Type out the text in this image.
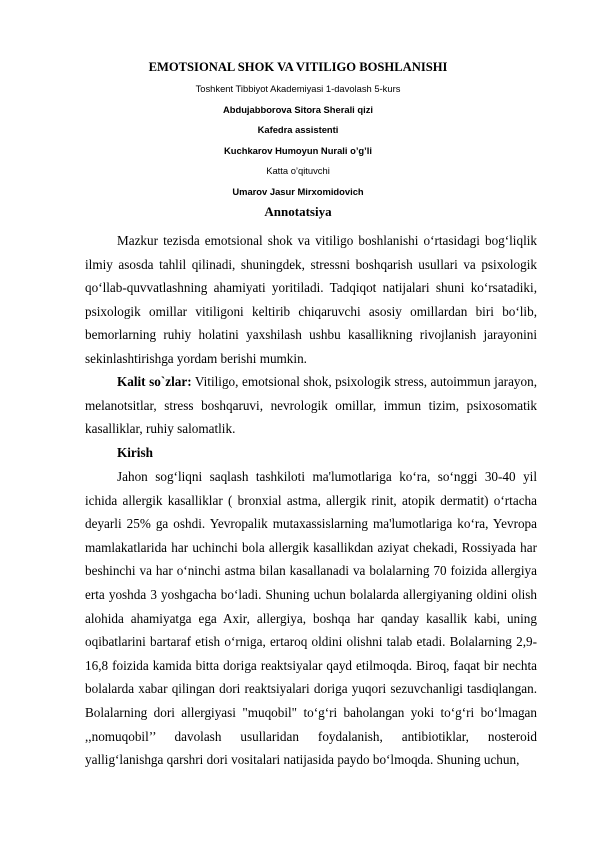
EMOTSIONAL SHOK VA VITILIGO BOSHLANISHI
Toshkent Tibbiyot Akademiyasi 1-davolash 5-kurs
Abdujabborova Sitora Sherali qizi
Kafedra assistenti
Kuchkarov Humoyun Nurali o’g’li
Katta o’qituvchi
Umarov Jasur Mirxomidovich
Annotatsiya

Mazkur tezisda emotsional shok va vitiligo boshlanishi o‘rtasidagi bog‘liqlik ilmiy asosda tahlil qilinadi, shuningdek, stressni boshqarish usullari va psixologik qo‘llab-quvvatlashning ahamiyati yoritiladi. Tadqiqot natijalari shuni ko‘rsatadiki, psixologik omillar vitiligoni keltirib chiqaruvchi asosiy omillardan biri bo‘lib, bemorlarning ruhiy holatini yaxshilash ushbu kasallikning rivojlanish jarayonini sekinlashtirishga yordam berishi mumkin.

Kalit so`zlar: Vitiligo, emotsional shok, psixologik stress, autoimmun jarayon, melanotsitlar, stress boshqaruvi, nevrologik omillar, immun tizim, psixosomatik kasalliklar, ruhiy salomatlik.

Kirish

Jahon sog‘liqni saqlash tashkiloti ma'lumotlariga ko‘ra, so‘nggi 30-40 yil ichida allergik kasalliklar ( bronxial astma, allergik rinit, atopik dermatit) o‘rtacha deyarli 25% ga oshdi. Yevropalik mutaxassislarning ma'lumotlariga ko‘ra, Yevropa mamlakatlarida har uchinchi bola allergik kasallikdan aziyat chekadi, Rossiyada har beshinchi va har o‘ninchi astma bilan kasallanadi va bolalarning 70 foizida allergiya erta yoshda 3 yoshgacha bo‘ladi. Shuning uchun bolalarda allergiyaning oldini olish alohida ahamiyatga ega Axir, allergiya, boshqa har qanday kasallik kabi, uning oqibatlarini bartaraf etish o‘rniga, ertaroq oldini olishni talab etadi. Bolalarning 2,9-16,8 foizida kamida bitta doriga reaktsiyalar qayd etilmoqda. Biroq, faqat bir nechta bolalarda xabar qilingan dori reaktsiyalari doriga yuqori sezuvchanligi tasdiqlangan. Bolalarning dori allergiyasi "muqobil" to‘g‘ri baholangan yoki to‘g‘ri bo‘lmagan ,,nomuqobil’’ davolash usullaridan foydalanish, antibiotiklar, nosteroid yallig‘lanishga qarshri dori vositalari natijasida paydo bo‘lmoqda. Shuning uchun,
